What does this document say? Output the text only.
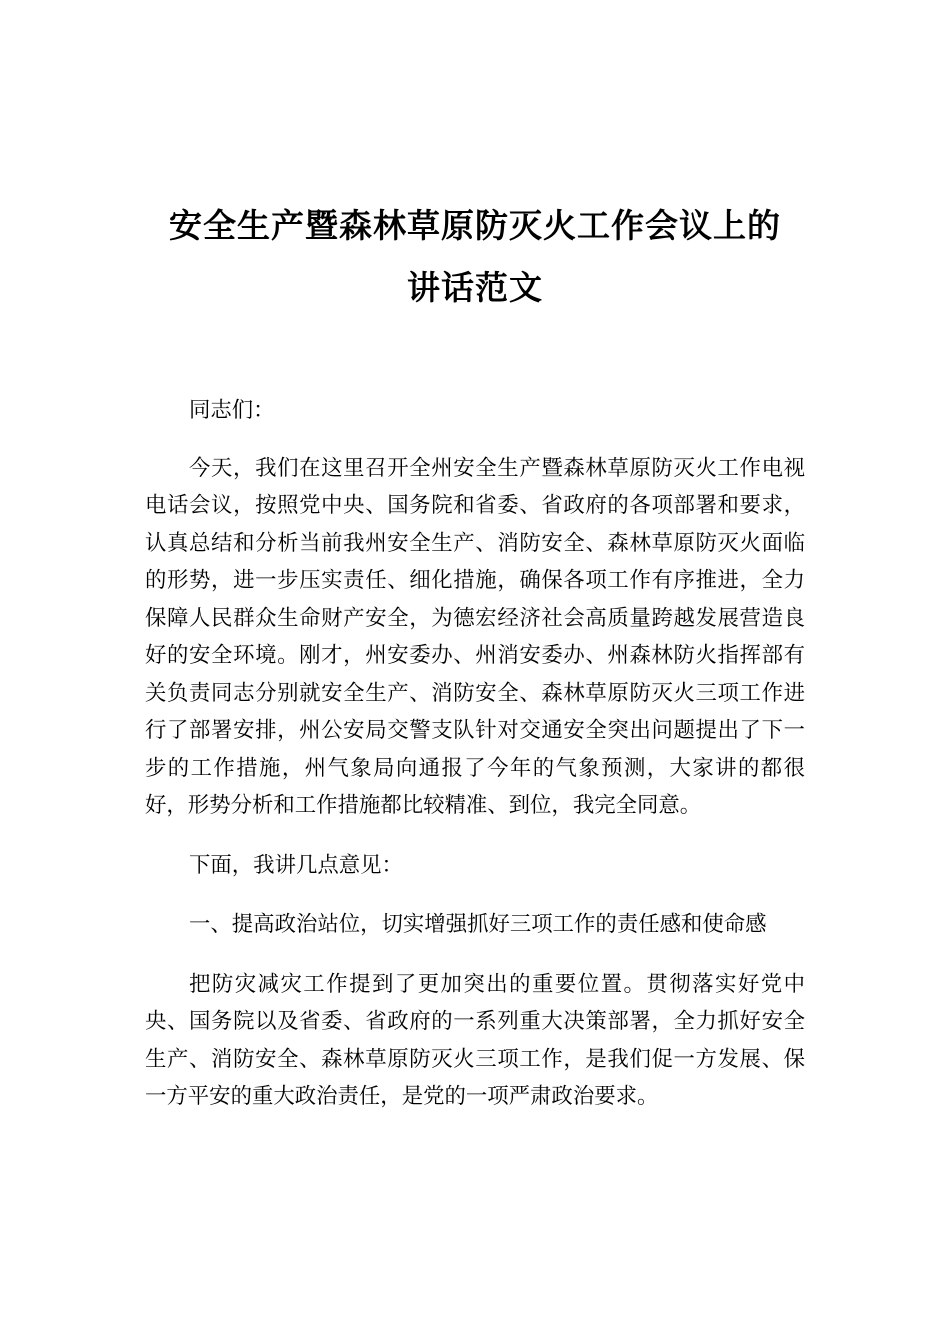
安全生产暨森林草原防灭火工作会议上的
讲话范文

同志们：

今天，我们在这里召开全州安全生产暨森林草原防灭火工作电视电话会议，按照党中央、国务院和省委、省政府的各项部署和要求，认真总结和分析当前我州安全生产、消防安全、森林草原防灭火面临的形势，进一步压实责任、细化措施，确保各项工作有序推进，全力保障人民群众生命财产安全，为德宏经济社会高质量跨越发展营造良好的安全环境。刚才，州安委办、州消安委办、州森林防火指挥部有关负责同志分别就安全生产、消防安全、森林草原防灭火三项工作进行了部署安排，州公安局交警支队针对交通安全突出问题提出了下一步的工作措施，州气象局向通报了今年的气象预测，大家讲的都很好，形势分析和工作措施都比较精准、到位，我完全同意。

下面，我讲几点意见：

一、提高政治站位，切实增强抓好三项工作的责任感和使命感

把防灾减灾工作提到了更加突出的重要位置。贯彻落实好党中央、国务院以及省委、省政府的一系列重大决策部署，全力抓好安全生产、消防安全、森林草原防灭火三项工作，是我们促一方发展、保一方平安的重大政治责任，是党的一项严肃政治要求。
